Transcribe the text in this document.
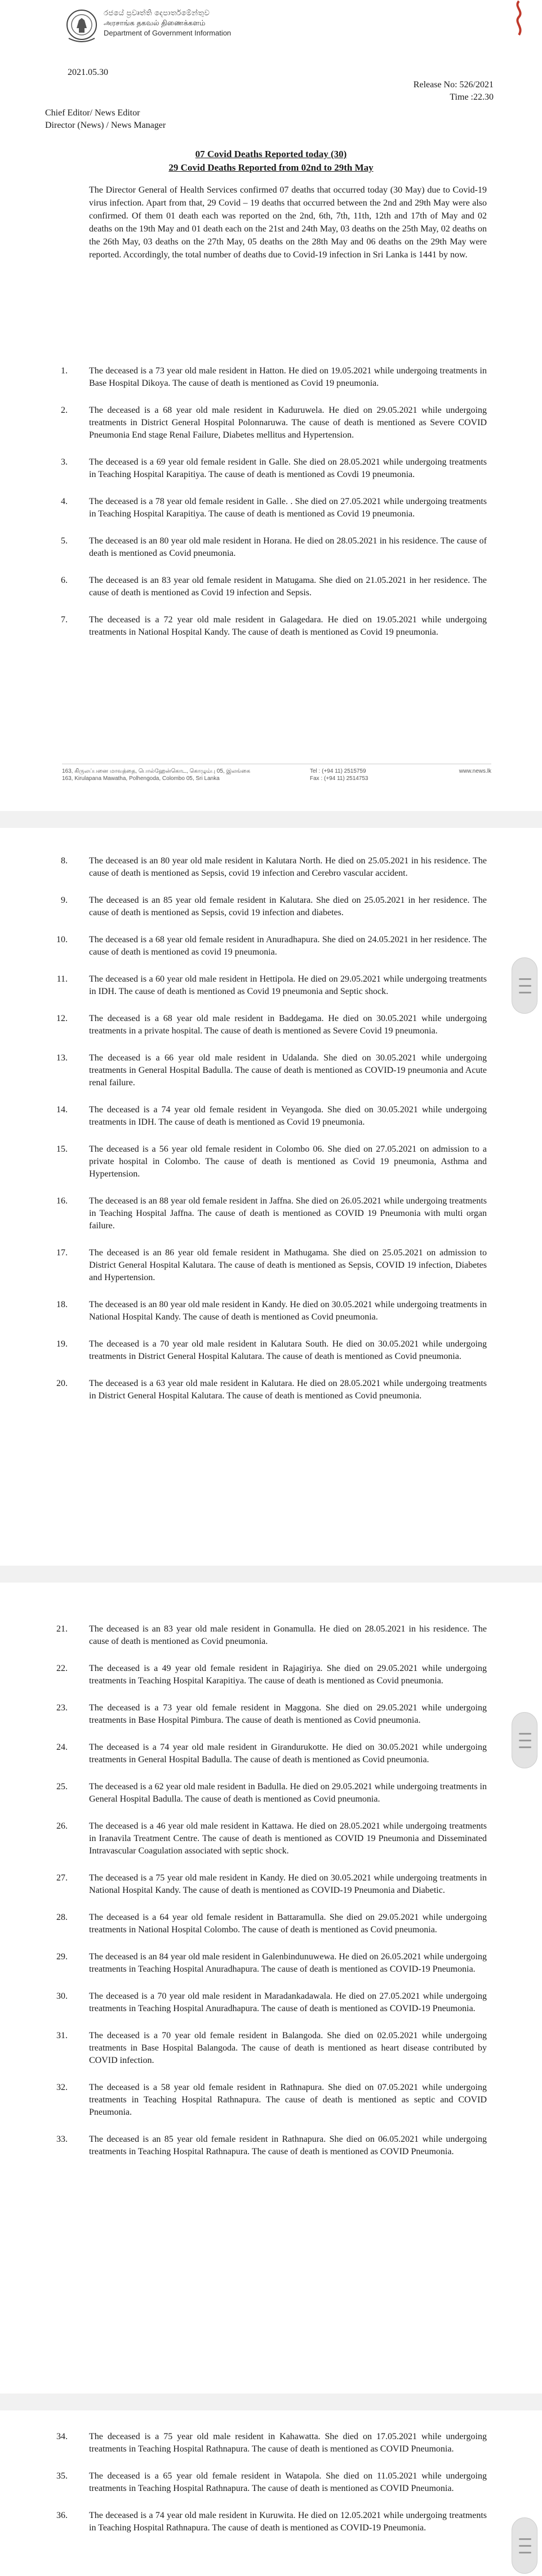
රජයේ ප්‍රවෘත්ති දෙපාර්තමේන්තුව
அரசாங்க தகவல் திணைக்களம்
Department of Government Information
2021.05.30
Release No: 526/2021
Time :22.30
Chief Editor/ News Editor
Director (News) / News Manager
07 Covid Deaths Reported today (30)
29 Covid Deaths Reported from 02nd to 29th May

The Director General of Health Services confirmed 07 deaths that occurred today (30 May) due to Covid-19 virus infection. Apart from that, 29 Covid – 19 deaths that occurred between the 2nd and 29th May were also confirmed. Of them 01 death each was reported on the 2nd, 6th, 7th, 11th, 12th and 17th of May and 02 deaths on the 19th May and 01 death each on the 21st and 24th May, 03 deaths on the 25th May, 02 deaths on the 26th May, 03 deaths on the 27th May, 05 deaths on the 28th May and 06 deaths on the 29th May were reported. Accordingly, the total number of deaths due to Covid-19 infection in Sri Lanka is 1441 by now.

1.	The deceased is a 73 year old male resident in Hatton. He died on 19.05.2021 while undergoing treatments in Base Hospital Dikoya. The cause of death is mentioned as Covid 19 pneumonia.
2.	The deceased is a 68 year old male resident in Kaduruwela. He died on 29.05.2021 while undergoing treatments in District General Hospital Polonnaruwa. The cause of death is mentioned as Severe COVID Pneumonia End stage Renal Failure, Diabetes mellitus and Hypertension.
3.	The deceased is a 69 year old female resident in Galle. She died on 28.05.2021 while undergoing treatments in Teaching Hospital Karapitiya. The cause of death is mentioned as Covdi 19 pneumonia.
4.	The deceased is a 78 year old female resident in Galle. . She died on 27.05.2021 while undergoing treatments in Teaching Hospital Karapitiya. The cause of death is mentioned as Covid 19 pneumonia.
5.	The deceased is an 80 year old male resident in Horana. He died on 28.05.2021 in his residence. The cause of death is mentioned as Covid pneumonia.
6.	The deceased is an 83 year old female resident in Matugama. She died on 21.05.2021 in her residence. The cause of death is mentioned as Covid 19 infection and Sepsis.
7.	The deceased is a 72 year old male resident in Galagedara. He died on 19.05.2021 while undergoing treatments in National Hospital Kandy. The cause of death is mentioned as Covid 19 pneumonia.
163, கிருலப்பனை மாவத்தை, பொல்ஹேன்கொட, கொழும்பு 05, இலங்கை
163, Kirulapana Mawatha, Polhengoda, Colombo 05, Sri Lanka
Tel : (+94 11) 2515759
Fax : (+94 11) 2514753
www.news.lk
8.	The deceased is an 80 year old male resident in Kalutara North. He died on 25.05.2021 in his residence. The cause of death is mentioned as Sepsis, covid 19 infection and Cerebro vascular accident.
9.	The deceased is an 85 year old female resident in Kalutara. She died on 25.05.2021 in her residence. The cause of death is mentioned as Sepsis, covid 19 infection and diabetes.
10.	The deceased is a 68 year old female resident in Anuradhapura. She died on 24.05.2021 in her residence. The cause of death is mentioned as covid 19 pneumonia.
11.	The deceased is a 60 year old male resident in Hettipola. He died on 29.05.2021 while undergoing treatments in IDH. The cause of death is mentioned as Covid 19 pneumonia and Septic shock.
12.	The deceased is a 68 year old male resident in Baddegama. He died on 30.05.2021 while undergoing treatments in a private hospital. The cause of death is mentioned as Severe Covid 19 pneumonia.
13.	The deceased is a 66 year old male resident in Udalanda. She died on 30.05.2021 while undergoing treatments in General Hospital Badulla. The cause of death is mentioned as COVID-19 pneumonia and Acute renal failure.
14.	The deceased is a 74 year old female resident in Veyangoda. She died on 30.05.2021 while undergoing treatments in IDH. The cause of death is mentioned as Covid 19 pneumonia.
15.	The deceased is a 56 year old female resident in Colombo 06. She died on 27.05.2021 on admission to a private hospital in Colombo. The cause of death is mentioned as Covid 19 pneumonia, Asthma and Hypertension.
16.	The deceased is an 88 year old female resident in Jaffna. She died on 26.05.2021 while undergoing treatments in Teaching Hospital Jaffna. The cause of death is mentioned as COVID 19 Pneumonia with multi organ failure.
17.	The deceased is an 86 year old female resident in Mathugama. She died on 25.05.2021 on admission to District General Hospital Kalutara. The cause of death is mentioned as Sepsis, COVID 19 infection, Diabetes and Hypertension.
18.	The deceased is an 80 year old male resident in Kandy. He died on 30.05.2021 while undergoing treatments in National Hospital Kandy. The cause of death is mentioned as Covid pneumonia.
19.	The deceased is a 70 year old male resident in Kalutara South. He died on 30.05.2021 while undergoing treatments in District General Hospital Kalutara. The cause of death is mentioned as Covid pneumonia.
20.	The deceased is a 63 year old male resident in Kalutara. He died on 28.05.2021 while undergoing treatments in District General Hospital Kalutara. The cause of death is mentioned as Covid pneumonia.
21.	The deceased is an 83 year old male resident in Gonamulla. He died on 28.05.2021 in his residence. The cause of death is mentioned as Covid pneumonia.
22.	The deceased is a 49 year old female resident in Rajagiriya. She died on 29.05.2021 while undergoing treatments in Teaching Hospital Karapitiya. The cause of death is mentioned as Covid pneumonia.
23.	The deceased is a 73 year old female resident in Maggona. She died on 29.05.2021 while undergoing treatments in Base Hospital Pimbura. The cause of death is mentioned as Covid pneumonia.
24.	The deceased is a 74 year old male resident in Girandurukotte. He died on 30.05.2021 while undergoing treatments in General Hospital Badulla. The cause of death is mentioned as Covid pneumonia.
25.	The deceased is a 62 year old male resident in Badulla. He died on 29.05.2021 while undergoing treatments in General Hospital Badulla. The cause of death is mentioned as Covid pneumonia.
26.	The deceased is a 46 year old male resident in Kattawa. He died on 28.05.2021 while undergoing treatments in Iranavila Treatment Centre. The cause of death is mentioned as COVID 19 Pneumonia and Disseminated Intravascular Coagulation associated with septic shock.
27.	The deceased is a 75 year old male resident in Kandy. He died on 30.05.2021 while undergoing treatments in National Hospital Kandy. The cause of death is mentioned as COVID-19 Pneumonia and Diabetic.
28.	The deceased is a 64 year old female resident in Battaramulla. She died on 29.05.2021 while undergoing treatments in National Hospital Colombo. The cause of death is mentioned as Covid pneumonia.
29.	The deceased is an 84 year old male resident in Galenbindunuwewa. He died on 26.05.2021 while undergoing treatments in Teaching Hospital Anuradhapura. The cause of death is mentioned as COVID-19 Pneumonia.
30.	The deceased is a 70 year old male resident in Maradankadawala. He died on 27.05.2021 while undergoing treatments in Teaching Hospital Anuradhapura. The cause of death is mentioned as COVID-19 Pneumonia.
31.	The deceased is a 70 year old female resident in Balangoda. She died on 02.05.2021 while undergoing treatments in Base Hospital Balangoda. The cause of death is mentioned as heart disease contributed by COVID infection.
32.	The deceased is a 58 year old female resident in Rathnapura. She died on 07.05.2021 while undergoing treatments in Teaching Hospital Rathnapura. The cause of death is mentioned as septic and COVID Pneumonia.
33.	The deceased is an 85 year old female resident in Rathnapura. She died on 06.05.2021 while undergoing treatments in Teaching Hospital Rathnapura. The cause of death is mentioned as COVID Pneumonia.
34.	The deceased is a 75 year old male resident in Kahawatta. She died on 17.05.2021 while undergoing treatments in Teaching Hospital Rathnapura. The cause of death is mentioned as COVID Pneumonia.
35.	The deceased is a 65 year old female resident in Watapola. She died on 11.05.2021 while undergoing treatments in Teaching Hospital Rathnapura. The cause of death is mentioned as COVID Pneumonia.
36.	The deceased is a 74 year old male resident in Kuruwita. He died on 12.05.2021 while undergoing treatments in Teaching Hospital Rathnapura. The cause of death is mentioned as COVID-19 Pneumonia.
